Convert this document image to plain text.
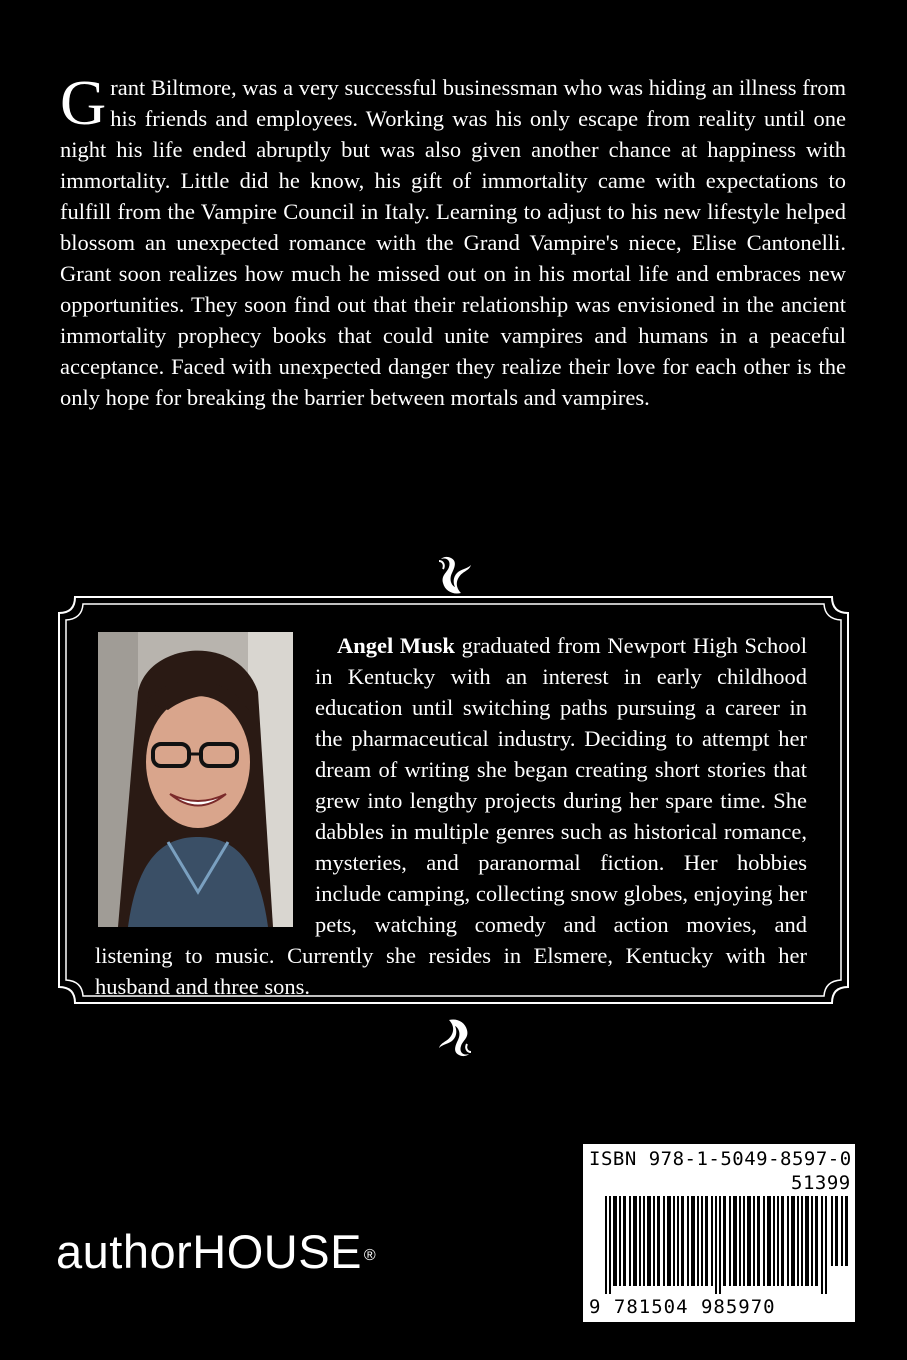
Grant Biltmore, was a very successful businessman who was hiding an illness from his friends and employees. Working was his only escape from reality until one night his life ended abruptly but was also given another chance at happiness with immortality. Little did he know, his gift of immortality came with expectations to fulfill from the Vampire Council in Italy. Learning to adjust to his new lifestyle helped blossom an unexpected romance with the Grand Vampire's niece, Elise Cantonelli. Grant soon realizes how much he missed out on in his mortal life and embraces new opportunities. They soon find out that their relationship was envisioned in the ancient immortality prophecy books that could unite vampires and humans in a peaceful acceptance. Faced with unexpected danger they realize their love for each other is the only hope for breaking the barrier between mortals and vampires.

Angel Musk graduated from Newport High School in Kentucky with an interest in early childhood education until switching paths pursuing a career in the pharmaceutical industry. Deciding to attempt her dream of writing she began creating short stories that grew into lengthy projects during her spare time. She dabbles in multiple genres such as historical romance, mysteries, and paranormal fiction. Her hobbies include camping, collecting snow globes, enjoying her pets, watching comedy and action movies, and listening to music. Currently she resides in Elsmere, Kentucky with her husband and three sons.

ISBN 978-1-5049-8597-0
51399
9 781504 985970
authorHOUSE ®
